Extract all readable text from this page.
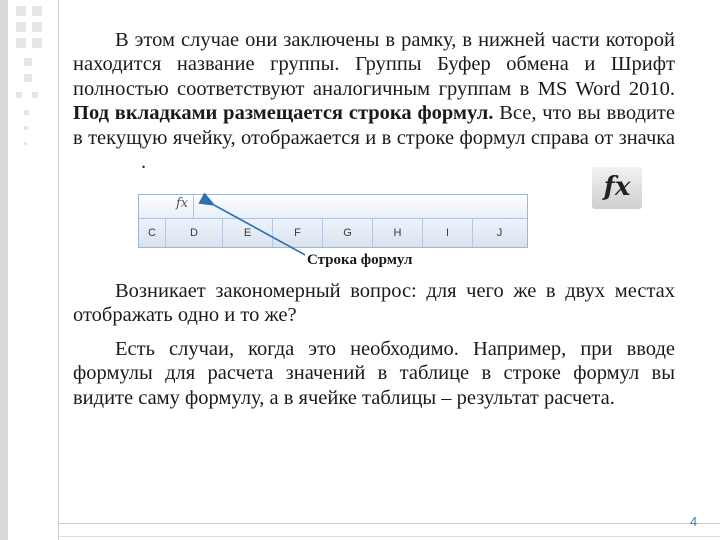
В этом случае они заключены в рамку, в нижней части которой находится название группы. Группы Буфер обмена и Шрифт полностью соответствуют аналогичным группам в MS Word 2010. Под вкладками размещается строка формул. Все, что вы вводите в текущую ячейку, отображается и в строке формул справа от значка.
fx
fx
C	D	E	F	G	H	I	J
Строка формул
Возникает закономерный вопрос: для чего же в двух местах отображать одно и то же?
Есть случаи, когда это необходимо. Например, при вводе формулы для расчета значений в таблице в строке формул вы видите саму формулу, а в ячейке таблицы – результат расчета.
4
